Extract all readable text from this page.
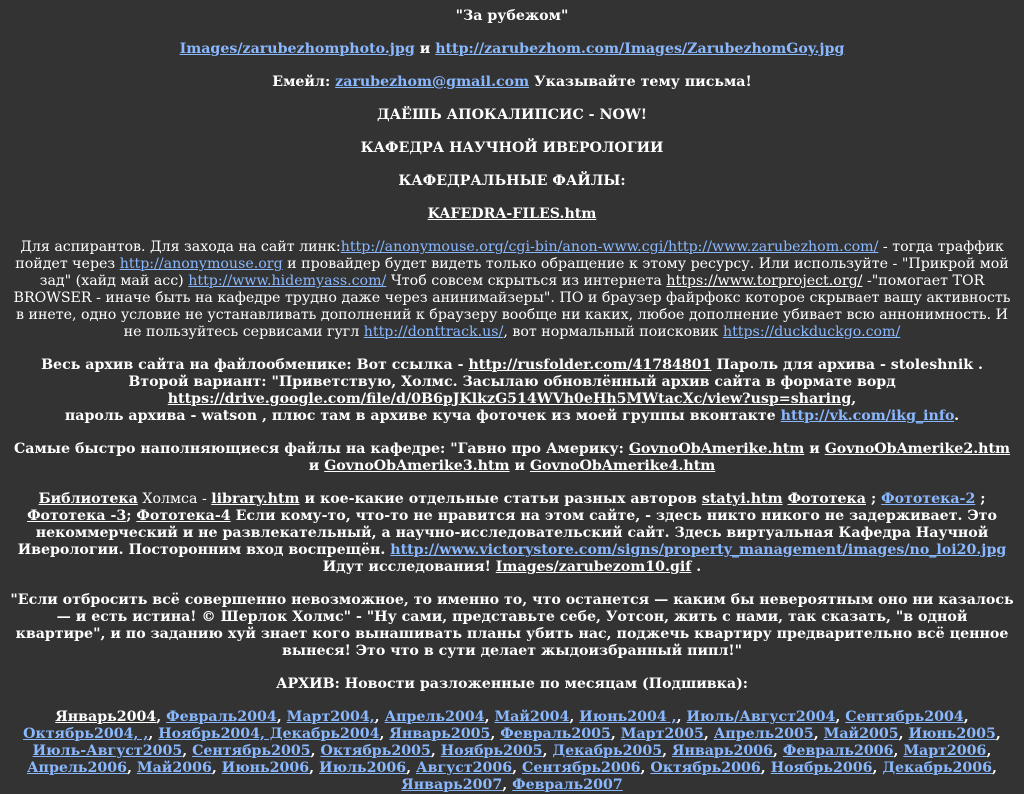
"За рубежом"

Images/zarubezhomphoto.jpg и http://zarubezhom.com/Images/ZarubezhomGoy.jpg

Емейл: zarubezhom@gmail.com Указывайте тему письма!

ДАЁШЬ АПОКАЛИПСИС - NOW!

КАФЕДРА НАУЧНОЙ ИВЕРОЛОГИИ

КАФЕДРАЛЬНЫЕ ФАЙЛЫ:

KAFEDRA-FILES.htm

Для аспирантов. Для захода на сайт линк:http://anonymouse.org/cgi-bin/anon-www.cgi/http://www.zarubezhom.com/ - тогда траффик пойдет через http://anonymouse.org и провайдер будет видеть только обращение к этому ресурсу. Или используйте - "Прикрой мой зад" (хайд май асс) http://www.hidemyass.com/ Чтоб совсем скрыться из интернета https://www.torproject.org/ -"помогает TOR BROWSER - иначе быть на кафедре трудно даже через анинимайзеры". ПО и браузер файрфокс которое скрывает вашу активность в инете, одно условие не устанавливать дополнений к браузеру вообще ни каких, любое дополнение убивает всю аннонимность. И не пользуйтесь сервисами гугл http://donttrack.us/, вот нормальный поисковик https://duckduckgo.com/

Весь архив сайта на файлообменике: Вот ссылка - http://rusfolder.com/41784801 Пароль для архива - stoleshnik . Второй вариант: "Приветствую, Холмс. Засылаю обновлённый архив сайта в формате ворд https://drive.google.com/file/d/0B6pJKlkzG514WVh0eHh5MWtacXc/view?usp=sharing,
пароль архива - watson , плюс там в архиве куча фоточек из моей группы вконтакте http://vk.com/ikg_info.

Самые быстро наполняющиеся файлы на кафедре: "Гавно про Америку: GovnoObAmerike.htm и GovnoObAmerike2.htm и GovnoObAmerike3.htm и GovnoObAmerike4.htm

Библиотека Холмса - library.htm и кое-какие отдельные статьи разных авторов statyi.htm Фототека ; Фототека-2 ; Фототека -3; Фототека-4 Если кому-то, что-то не нравится на этом сайте, - здесь никто никого не задерживает. Это некоммерческий и не развлекательный, а научно-исследовательский сайт. Здесь виртуальная Кафедра Научной Иверологии. Посторонним вход воспрещён. http://www.victorystore.com/signs/property_management/images/no_loi20.jpg Идут исследования! Images/zarubezom10.gif .

"Если отбросить всё совершенно невозможное, то именно то, что останется — каким бы невероятным оно ни казалось — и есть истина! © Шерлок Холмс" - "Ну сами, представьте себе, Уотсон, жить с нами, так сказать, "в одной квартире", и по заданию хуй знает кого вынашивать планы убить нас, поджечь квартиру предварительно всё ценное вынеся! Это что в сути делает жыдоизбранный пипл!"

АРХИВ: Новости разложенные по месяцам (Подшивка):

Январь2004, Февраль2004, Март2004,, Апрель2004, Май2004, Июнь2004 ,, Июль/Август2004, Сентябрь2004, Октябрь2004, ,, Ноябрь2004, Декабрь2004, Январь2005, Февраль2005, Март2005, Апрель2005, Май2005, Июнь2005, Июль-Август2005, Сентябрь2005, Октябрь2005, Ноябрь2005, Декабрь2005, Январь2006, Февраль2006, Март2006, Апрель2006, Май2006, Июнь2006, Июль2006, Август2006, Сентябрь2006, Октябрь2006, Ноябрь2006, Декабрь2006, Январь2007, Февраль2007
